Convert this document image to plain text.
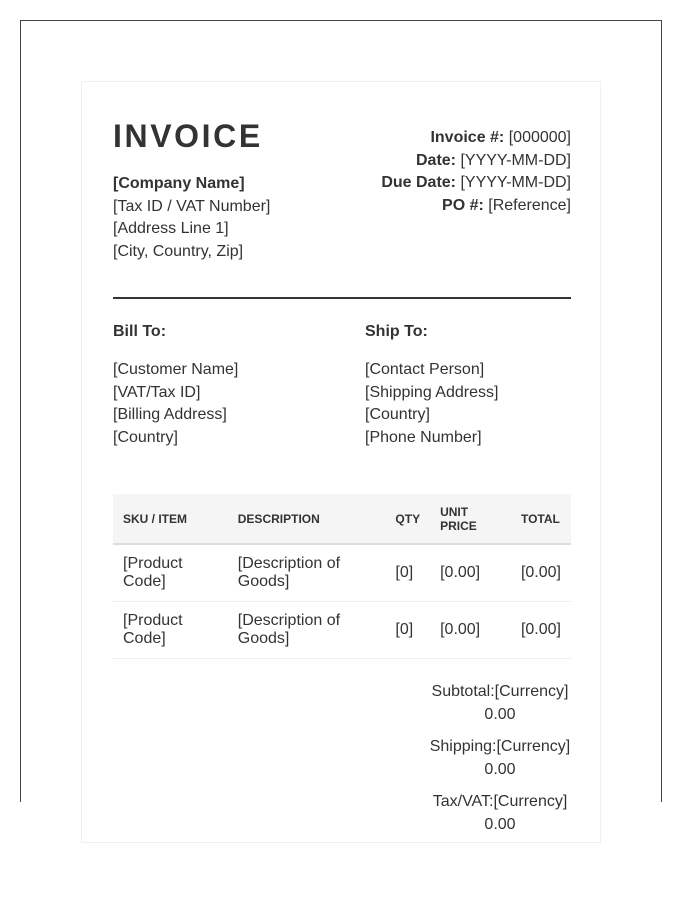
INVOICE
[Company Name]
[Tax ID / VAT Number]
[Address Line 1]
[City, Country, Zip]
Invoice #: [000000]
Date: [YYYY-MM-DD]
Due Date: [YYYY-MM-DD]
PO #: [Reference]
Bill To:
[Customer Name]
[VAT/Tax ID]
[Billing Address]
[Country]
Ship To:
[Contact Person]
[Shipping Address]
[Country]
[Phone Number]
SKU / ITEM	DESCRIPTION	QTY	UNIT PRICE	TOTAL
[Product Code]	[Description of Goods]	[0]	[0.00]	[0.00]
[Product Code]	[Description of Goods]	[0]	[0.00]	[0.00]
Subtotal:[Currency] 0.00
Shipping:[Currency] 0.00
Tax/VAT:[Currency] 0.00
